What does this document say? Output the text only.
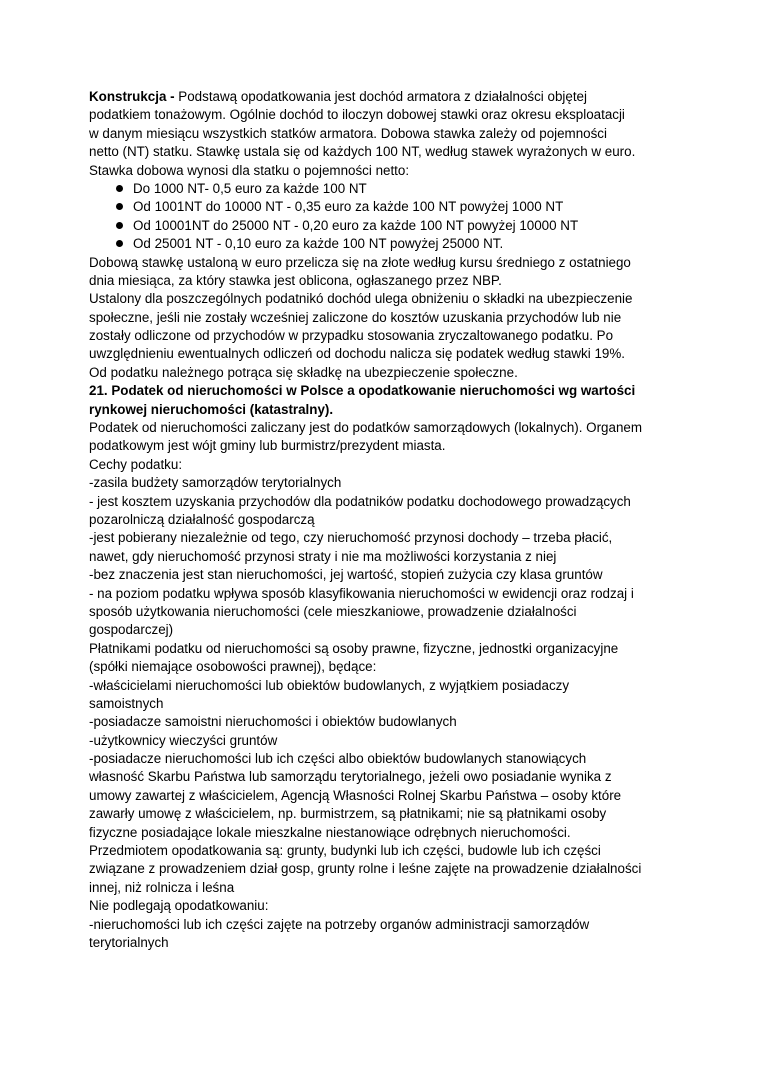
Konstrukcja - Podstawą opodatkowania jest dochód armatora z działalności objętej
podatkiem tonażowym. Ogólnie dochód to iloczyn dobowej stawki oraz okresu eksploatacji
w danym miesiącu wszystkich statków armatora. Dobowa stawka zależy od pojemności
netto (NT) statku. Stawkę ustala się od każdych 100 NT, według stawek wyrażonych w euro.
Stawka dobowa wynosi dla statku o pojemności netto:
Do 1000 NT- 0,5 euro za każde 100 NT
Od 1001NT do 10000 NT - 0,35 euro za każde 100 NT powyżej 1000 NT
Od 10001NT do 25000 NT - 0,20 euro za każde 100 NT powyżej 10000 NT
Od 25001 NT - 0,10 euro za każde 100 NT powyżej 25000 NT.
Dobową stawkę ustaloną w euro przelicza się na złote według kursu średniego z ostatniego
dnia miesiąca, za który stawka jest oblicona, ogłaszanego przez NBP.
Ustalony dla poszczególnych podatnikó dochód ulega obniżeniu o składki na ubezpieczenie
społeczne, jeśli nie zostały wcześniej zaliczone do kosztów uzuskania przychodów lub nie
zostały odliczone od przychodów w przypadku stosowania zryczaltowanego podatku. Po
uwzględnieniu ewentualnych odliczeń od dochodu nalicza się podatek według stawki 19%.
Od podatku należnego potrąca się składkę na ubezpieczenie społeczne.
21. Podatek od nieruchomości w Polsce a opodatkowanie nieruchomości wg wartości
rynkowej nieruchomości (katastralny).
Podatek od nieruchomości zaliczany jest do podatków samorządowych (lokalnych). Organem
podatkowym jest wójt gminy lub burmistrz/prezydent miasta.
Cechy podatku:
-zasila budżety samorządów terytorialnych
- jest kosztem uzyskania przychodów dla podatników podatku dochodowego prowadzących
pozarolniczą działalność gospodarczą
-jest pobierany niezależnie od tego, czy nieruchomość przynosi dochody – trzeba płacić,
nawet, gdy nieruchomość przynosi straty i nie ma możliwości korzystania z niej
-bez znaczenia jest stan nieruchomości, jej wartość, stopień zużycia czy klasa gruntów
- na poziom podatku wpływa sposób klasyfikowania nieruchomości w ewidencji oraz rodzaj i
sposób użytkowania nieruchomości (cele mieszkaniowe, prowadzenie działalności
gospodarczej)
Płatnikami podatku od nieruchomości są osoby prawne, fizyczne, jednostki organizacyjne
(spółki niemające osobowości prawnej), będące:
-właścicielami nieruchomości lub obiektów budowlanych, z wyjątkiem posiadaczy
samoistnych
-posiadacze samoistni nieruchomości i obiektów budowlanych
-użytkownicy wieczyści gruntów
-posiadacze nieruchomości lub ich części albo obiektów budowlanych stanowiących
własność Skarbu Państwa lub samorządu terytorialnego, jeżeli owo posiadanie wynika z
umowy zawartej z właścicielem, Agencją Własności Rolnej Skarbu Państwa – osoby które
zawarły umowę z właścicielem, np. burmistrzem, są płatnikami; nie są płatnikami osoby
fizyczne posiadające lokale mieszkalne niestanowiące odrębnych nieruchomości.
Przedmiotem opodatkowania są: grunty, budynki lub ich części, budowle lub ich części
związane z prowadzeniem dział gosp, grunty rolne i leśne zajęte na prowadzenie działalności
innej, niż rolnicza i leśna
Nie podlegają opodatkowaniu:
-nieruchomości lub ich części zajęte na potrzeby organów administracji samorządów
terytorialnych
